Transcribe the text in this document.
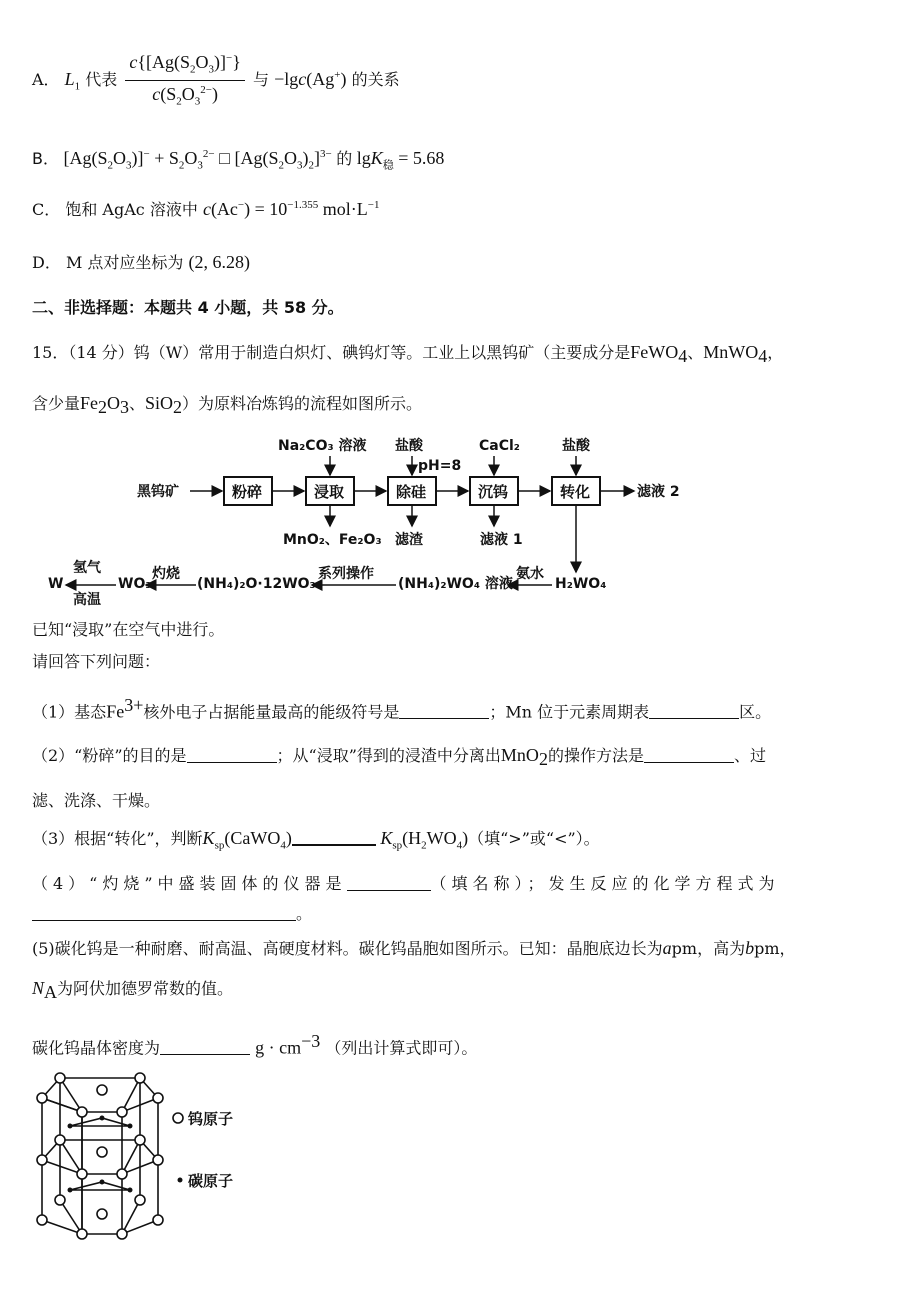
A． $L_1$ 代表 $\frac{c\{[Ag(S_2O_3)]^-\}}{c(S_2O_3^{2-})}$ 与 −lgc(Ag+) 的关系
B． $[Ag(S_2O_3)]^- + S_2O_3^{2-}$ □ $[Ag(S_2O_3)_2]^{3-}$ 的 lgK$_稳$ = 5.68
C． 饱和 AgAc 溶液中 $c(Ac^-) = 10^{-1.355}$ $mol\cdot L^{-1}$
D． M 点对应坐标为 (2, 6.28)
二、非选择题：本题共 4 小题，共 58 分。
15．（14 分）钨（W）常用于制造白炽灯、碘钨灯等。工业上以黑钨矿（主要成分是FeWO$_4$、MnWO$_4$，
含少量$Fe_2O_3$、SiO$_2$）为原料冶炼钨的流程如图所示。
黑钨矿
Na₂CO₃ 溶液 盐酸
pH=8
CaCl₂	盐酸
滤液 2
MnO₂、Fe₂O₃ 滤渣	滤液 1
W
氢气
高温
WO₃
灼烧
(NH₄)₂O·12WO₃
系列操作
(NH₄)₂WO₄ 溶液
氨水
H₂WO₄
粉碎	浸取	除硅	沉钨	转化
已知“浸取”在空气中进行。
请回答下列问题：
（1）基态$Fe^{3+}$核外电子占据能量最高的能级符号是	；Mn 位于元素周期表	区。
（2）“粉碎”的目的是	；从“浸取”得到的浸渣中分离出MnO$_2$的操作方法是	、过
滤、洗涤、干燥。
（3）根据“转化”，判断$K_{sp}(CaWO_4)$	$K_{sp}(H_2WO_4)$（填“>”或“<”）。
（4）“灼烧”中盛装固体的仪器是	（填名称）；发生反应的化学方程式为
。
(5)碳化钨是一种耐磨、耐高温、高硬度材料。碳化钨晶胞如图所示。已知：晶胞底边长为apm，高为bpm，
$N_A$为阿伏加德罗常数的值。
碳化钨晶体密度为	$g \cdot cm^{-3}$ （列出计算式即可）。
钨原子
碳原子
